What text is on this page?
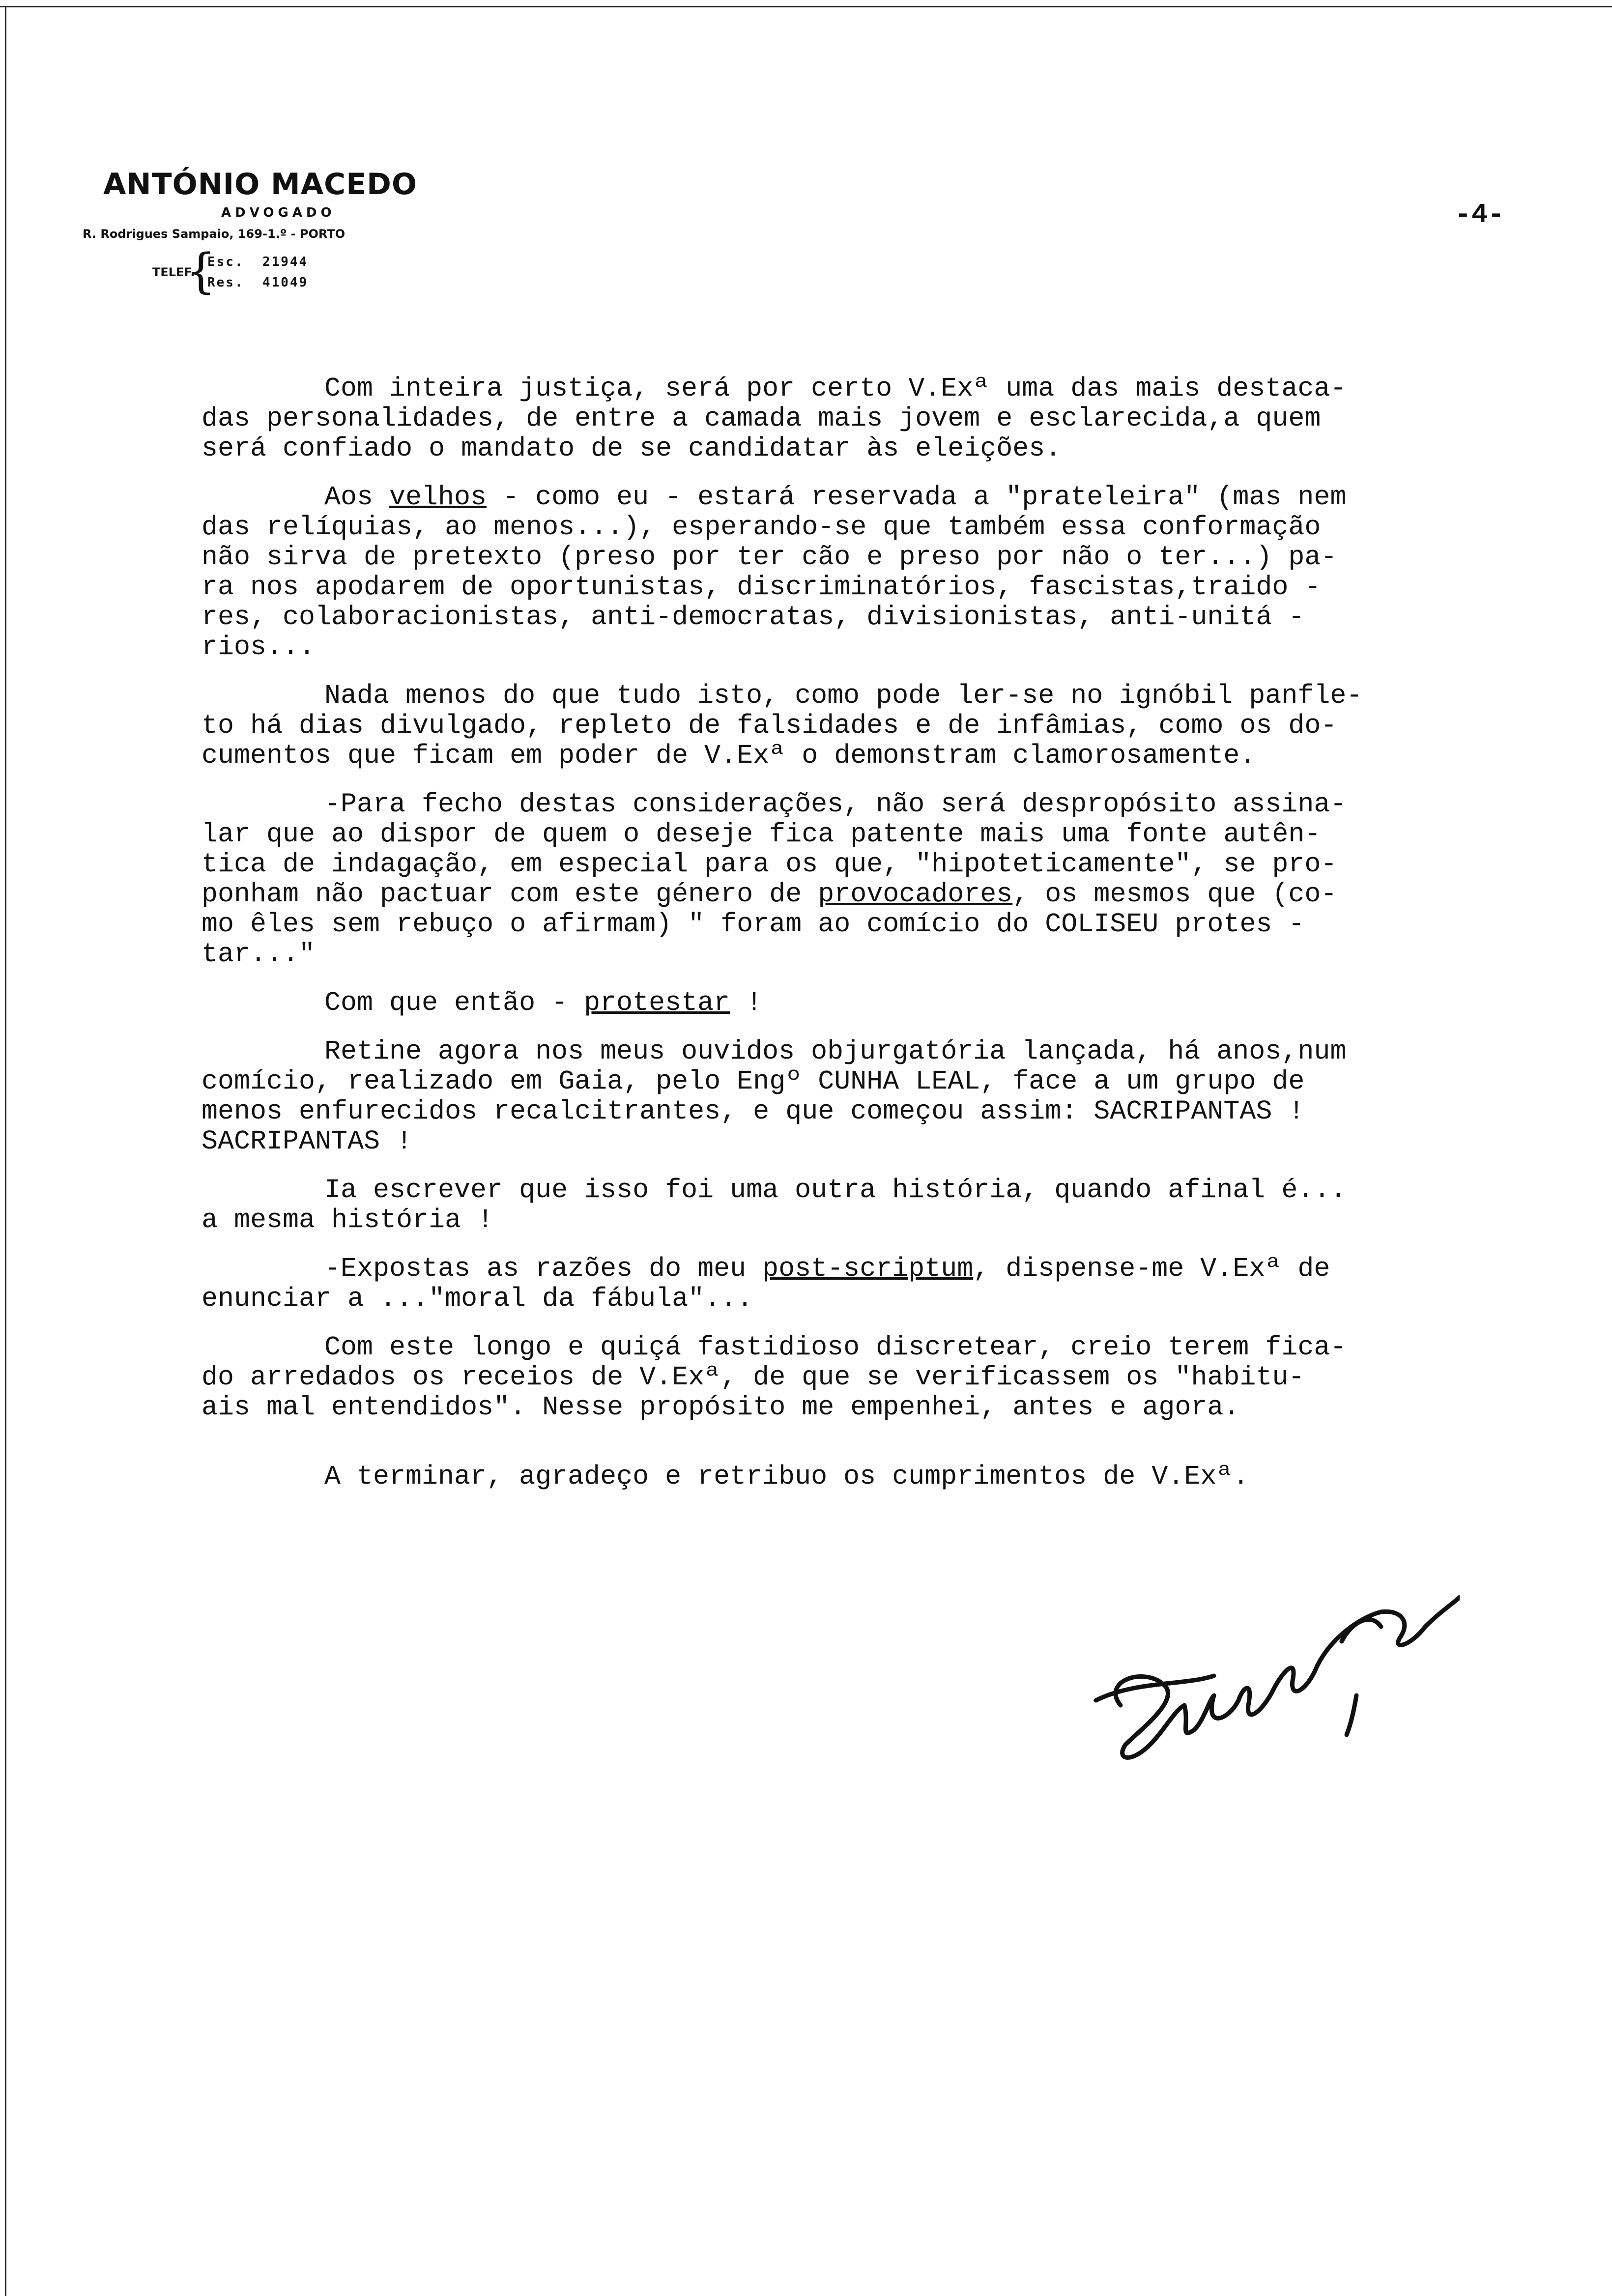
ANTÓNIO MACEDO
ADVOGADO
R. Rodrigues Sampaio, 169-1.º - PORTO
TELEF.
{
Esc.  21944
Res.  41049
-4-
Com inteira justiça, será por certo V.Exª uma das mais destaca-
das personalidades, de entre a camada mais jovem e esclarecida,a quem
será confiado o mandato de se candidatar às eleições.
Aos velhos - como eu - estará reservada a "prateleira" (mas nem
das relíquias, ao menos...), esperando-se que também essa conformação
não sirva de pretexto (preso por ter cão e preso por não o ter...) pa-
ra nos apodarem de oportunistas, discriminatórios, fascistas,traido -
res, colaboracionistas, anti-democratas, divisionistas, anti-unitá -
rios...
Nada menos do que tudo isto, como pode ler-se no ignóbil panfle-
to há dias divulgado, repleto de falsidades e de infâmias, como os do-
cumentos que ficam em poder de V.Exª o demonstram clamorosamente.
-Para fecho destas considerações, não será despropósito assina-
lar que ao dispor de quem o deseje fica patente mais uma fonte autên-
tica de indagação, em especial para os que, "hipoteticamente", se pro-
ponham não pactuar com este género de provocadores, os mesmos que (co-
mo êles sem rebuço o afirmam) " foram ao comício do COLISEU protes -
tar..."
Com que então - protestar !
Retine agora nos meus ouvidos objurgatória lançada, há anos,num
comício, realizado em Gaia, pelo Engº CUNHA LEAL, face a um grupo de
menos enfurecidos recalcitrantes, e que começou assim: SACRIPANTAS !
SACRIPANTAS !
Ia escrever que isso foi uma outra história, quando afinal é...
a mesma história !
-Expostas as razões do meu post-scriptum, dispense-me V.Exª de
enunciar a ..."moral da fábula"...
Com este longo e quiçá fastidioso discretear, creio terem fica-
do arredados os receios de V.Exª, de que se verificassem os "habitu-
ais mal entendidos". Nesse propósito me empenhei, antes e agora.
A terminar, agradeço e retribuo os cumprimentos de V.Exª.
